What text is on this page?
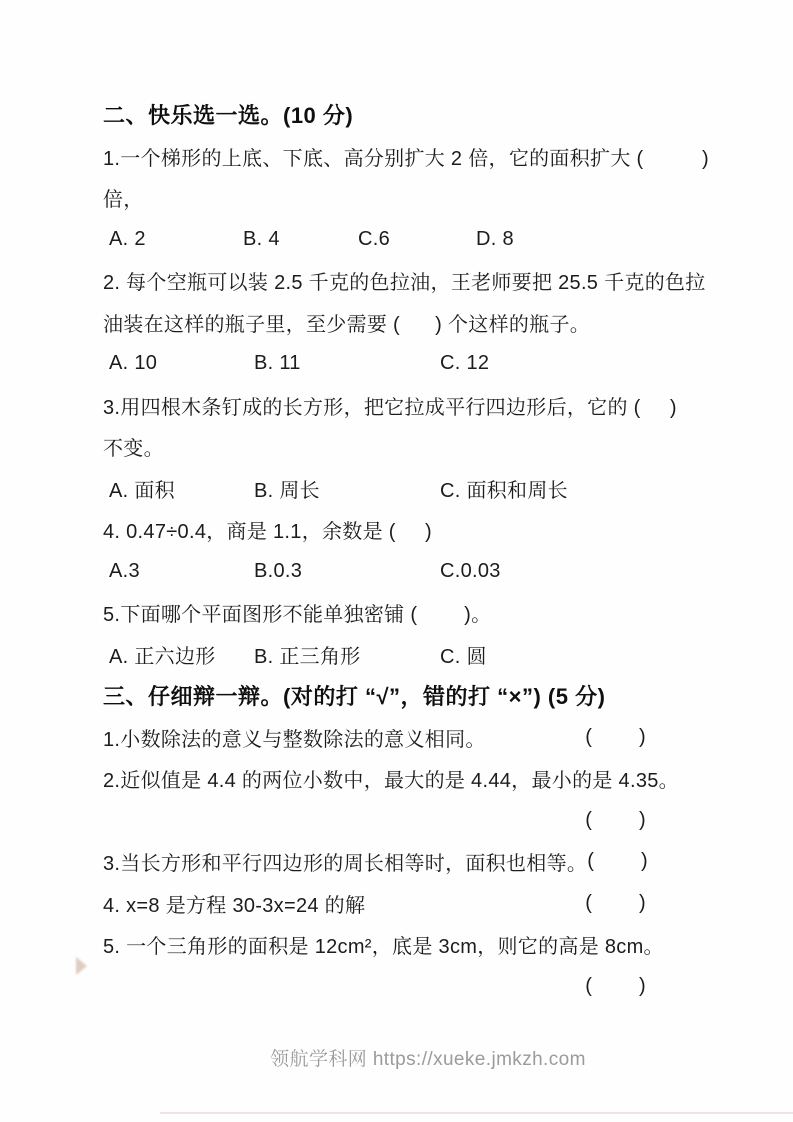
二、快乐选一选。(10 分)
1.一个梯形的上底、下底、高分别扩大 2 倍，它的面积扩大 (          )
倍，
A. 2	B. 4	C.6	D. 8
2. 每个空瓶可以装 2.5 千克的色拉油，王老师要把 25.5 千克的色拉
油装在这样的瓶子里，至少需要 (      ) 个这样的瓶子。
A. 10	B. 11	C. 12
3.用四根木条钉成的长方形，把它拉成平行四边形后，它的 (     )
不变。
A. 面积	B. 周长	C. 面积和周长
4. 0.47÷0.4，商是 1.1，余数是 (     )
A.3	B.0.3	C.0.03
5.下面哪个平面图形不能单独密铺 (        )。
A. 正六边形	B. 正三角形	C. 圆
三、仔细辩一辩。(对的打 “√”，错的打 “×”) (5 分)
1.小数除法的意义与整数除法的意义相同。	(        )
2.近似值是 4.4 的两位小数中，最大的是 4.44，最小的是 4.35。
(        )
3.当长方形和平行四边形的周长相等时，面积也相等。 (        )
4. x=8 是方程 30-3x=24 的解	(        )
5. 一个三角形的面积是 12cm²，底是 3cm，则它的高是 8cm。
(        )
领航学科网 https://xueke.jmkzh.com
